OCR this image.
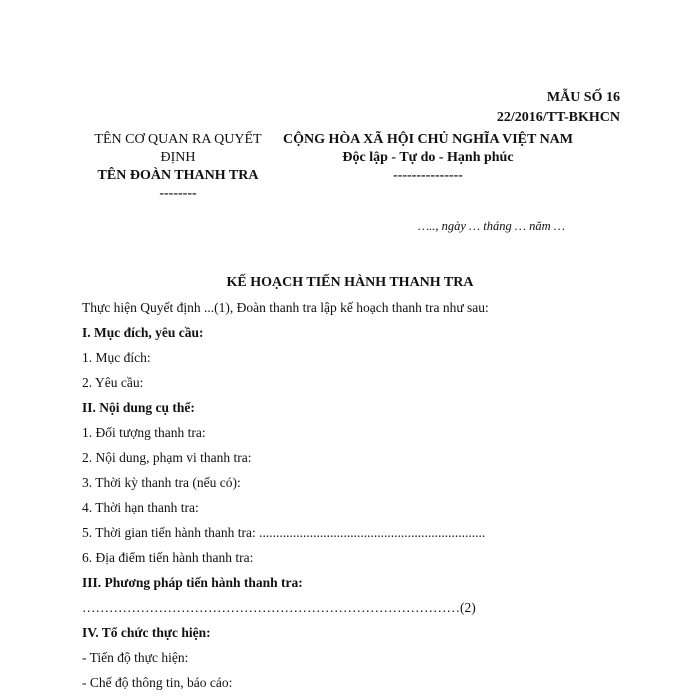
MẪU SỐ 16
22/2016/TT-BKHCN
TÊN CƠ QUAN RA QUYẾT
ĐỊNH
TÊN ĐOÀN THANH TRA
--------
CỘNG HÒA XÃ HỘI CHỦ NGHĨA VIỆT NAM
Độc lập - Tự do - Hạnh phúc
---------------
….., ngày … tháng … năm …
KẾ HOẠCH TIẾN HÀNH THANH TRA
Thực hiện Quyết định ...(1), Đoàn thanh tra lập kế hoạch thanh tra như sau:
I. Mục đích, yêu cầu:
1. Mục đích:
2. Yêu cầu:
II. Nội dung cụ thể:
1. Đối tượng thanh tra:
2. Nội dung, phạm vi thanh tra:
3. Thời kỳ thanh tra (nếu có):
4. Thời hạn thanh tra:
5. Thời gian tiến hành thanh tra: ...................................................................
6. Địa điểm tiến hành thanh tra:
III. Phương pháp tiến hành thanh tra:
…………………………………………………………………………(2)
IV. Tổ chức thực hiện:
- Tiến độ thực hiện:
- Chế độ thông tin, báo cáo:
